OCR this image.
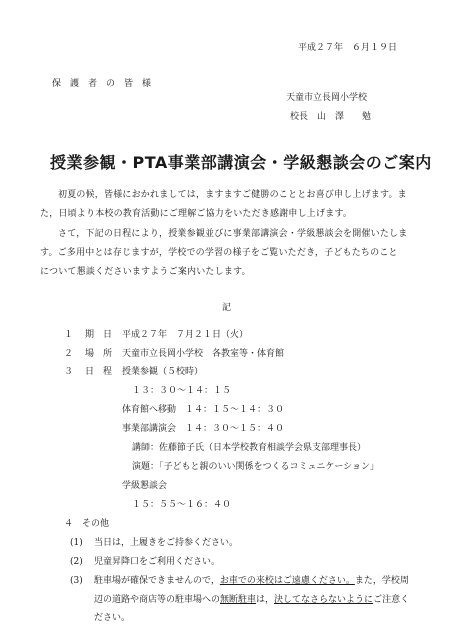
平成２７年　６月１９日
保　護　者　の　皆　様
天童市立長岡小学校
校長　山　澤　　勉
授業参観・PTA事業部講演会・学級懇談会のご案内
初夏の候，皆様におかれましては，ますますご健勝のこととお喜び申し上げます。ま
た，日頃より本校の教育活動にご理解ご協力をいただき感謝申し上げます。
さて，下記の日程により，授業参観並びに事業部講演会・学級懇談会を開催いたしま
す。ご多用中とは存じますが，学校での学習の様子をご覧いただき，子どもたちのこと
について懇談くださいますようご案内いたします。
記
１ 期　日 平成２７年　７月２１日（火）
２ 場　所 天童市立長岡小学校　各教室等・体育館
３ 日　程 授業参観（５校時）
１３：３０～１４：１５
体育館へ移動　１４：１５～１４：３０
事業部講演会　１４：３０～１５：４０
講師：佐藤節子氏（日本学校教育相談学会県支部理事長）
演題：「子どもと親のいい関係をつくるコミュニケーション」
学級懇談会
１５：５５～１６：４０
４　その他
(1) 当日は，上履きをご持参ください。
(2) 児童昇降口をご利用ください。
(3) 駐車場が確保できませんので，お車での来校はご遠慮ください。また，学校周
辺の道路や商店等の駐車場への無断駐車は，決してなさらないようにご注意く
ださい。
